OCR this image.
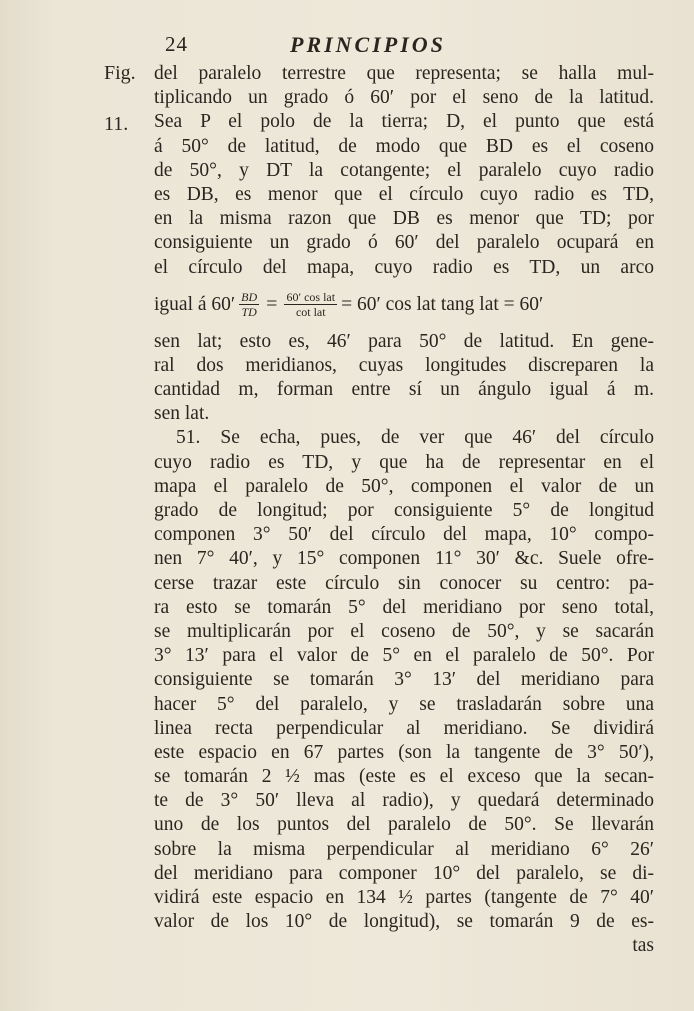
24	PRINCIPIOS
Fig.
11.
del paralelo terrestre que representa; se halla mul-
tiplicando un grado ó 60′ por el seno de la latitud.
Sea P el polo de la tierra; D, el punto que está
á 50° de latitud, de modo que BD es el coseno
de 50°, y DT la cotangente; el paralelo cuyo radio
es DB, es menor que el círculo cuyo radio es TD,
en la misma razon que DB es menor que TD; por
consiguiente un grado ó 60′ del paralelo ocupará en
el círculo del mapa, cuyo radio es TD, un arco
igual á $60' \frac{BD}{TD} = \frac{\text{60′ cos lat}}{\text{cot lat}} = 60'$ cos lat tang lat = 60′
sen lat; esto es, 46′ para 50° de latitud. En gene-
ral dos meridianos, cuyas longitudes discreparen la
cantidad m, forman entre sí un ángulo igual á m.
sen lat.
51. Se echa, pues, de ver que 46′ del círculo
cuyo radio es TD, y que ha de representar en el
mapa el paralelo de 50°, componen el valor de un
grado de longitud; por consiguiente 5° de longitud
componen 3° 50′ del círculo del mapa, 10° compo-
nen 7° 40′, y 15° componen 11° 30′ &c. Suele ofre-
cerse trazar este círculo sin conocer su centro: pa-
ra esto se tomarán 5° del meridiano por seno total,
se multiplicarán por el coseno de 50°, y se sacarán
3° 13′ para el valor de 5° en el paralelo de 50°. Por
consiguiente se tomarán 3° 13′ del meridiano para
hacer 5° del paralelo, y se trasladarán sobre una
linea recta perpendicular al meridiano. Se dividirá
este espacio en 67 partes (son la tangente de 3° 50′),
se tomarán 2 ½ mas (este es el exceso que la secan-
te de 3° 50′ lleva al radio), y quedará determinado
uno de los puntos del paralelo de 50°. Se llevarán
sobre la misma perpendicular al meridiano 6° 26′
del meridiano para componer 10° del paralelo, se di-
vidirá este espacio en 134 ½ partes (tangente de 7° 40′
valor de los 10° de longitud), se tomarán 9 de es-
tas
